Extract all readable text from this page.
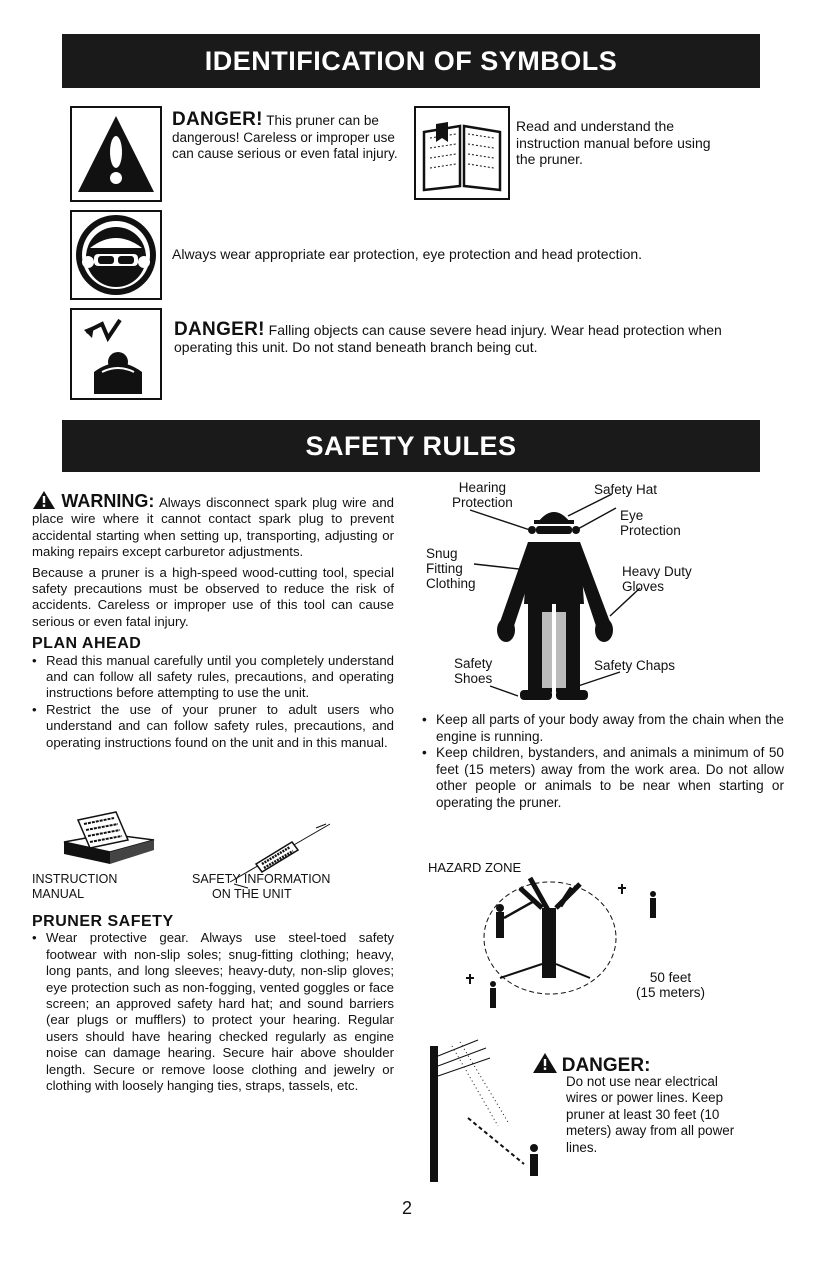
IDENTIFICATION OF SYMBOLS
DANGER! This pruner can be dangerous! Careless or improper use can cause serious or even fatal injury.
Read and understand the instruction manual before using the pruner.
Always wear appropriate ear protection, eye protection and head protection.
DANGER! Falling objects can cause severe head injury. Wear head protection when operating this unit. Do not stand beneath branch being cut.
SAFETY RULES
WARNING: Always disconnect spark plug wire and place wire where it cannot contact spark plug to prevent accidental starting when setting up, transporting, adjusting or making repairs except carburetor adjustments.
Because a pruner is a high-speed wood-cutting tool, special safety precautions must be observed to reduce the risk of accidents. Careless or improper use of this tool can cause serious or even fatal injury.
PLAN AHEAD
• Read this manual carefully until you completely understand and can follow all safety rules, precautions, and operating instructions before attempting to use the unit.
• Restrict the use of your pruner to adult users who understand and can follow safety rules, precautions, and operating instructions found on the unit and in this manual.
INSTRUCTION
MANUAL
SAFETY INFORMATION
ON THE UNIT
PRUNER SAFETY
• Wear protective gear. Always use steel-toed safety footwear with non-slip soles; snug-fitting clothing; heavy, long pants, and long sleeves; heavy-duty, non-slip gloves; eye protection such as non-fogging, vented goggles or face screen; an approved safety hard hat; and sound barriers (ear plugs or mufflers) to protect your hearing. Regular users should have hearing checked regularly as engine noise can damage hearing. Secure hair above shoulder length. Secure or remove loose clothing and jewelry or clothing with loosely hanging ties, straps, tassels, etc.
Hearing
Protection
Safety Hat
Eye
Protection
Snug
Fitting
Clothing
Heavy Duty
Gloves
Safety
Shoes
Safety Chaps
• Keep all parts of your body away from the chain when the engine is running.
• Keep children, bystanders, and animals a minimum of 50 feet (15 meters) away from the work area. Do not allow other people or animals to be near when starting or operating the pruner.
HAZARD ZONE
50 feet
(15 meters)
DANGER:
Do not use near electrical wires or power lines. Keep pruner at least 30 feet (10 meters) away from all power lines.
2
